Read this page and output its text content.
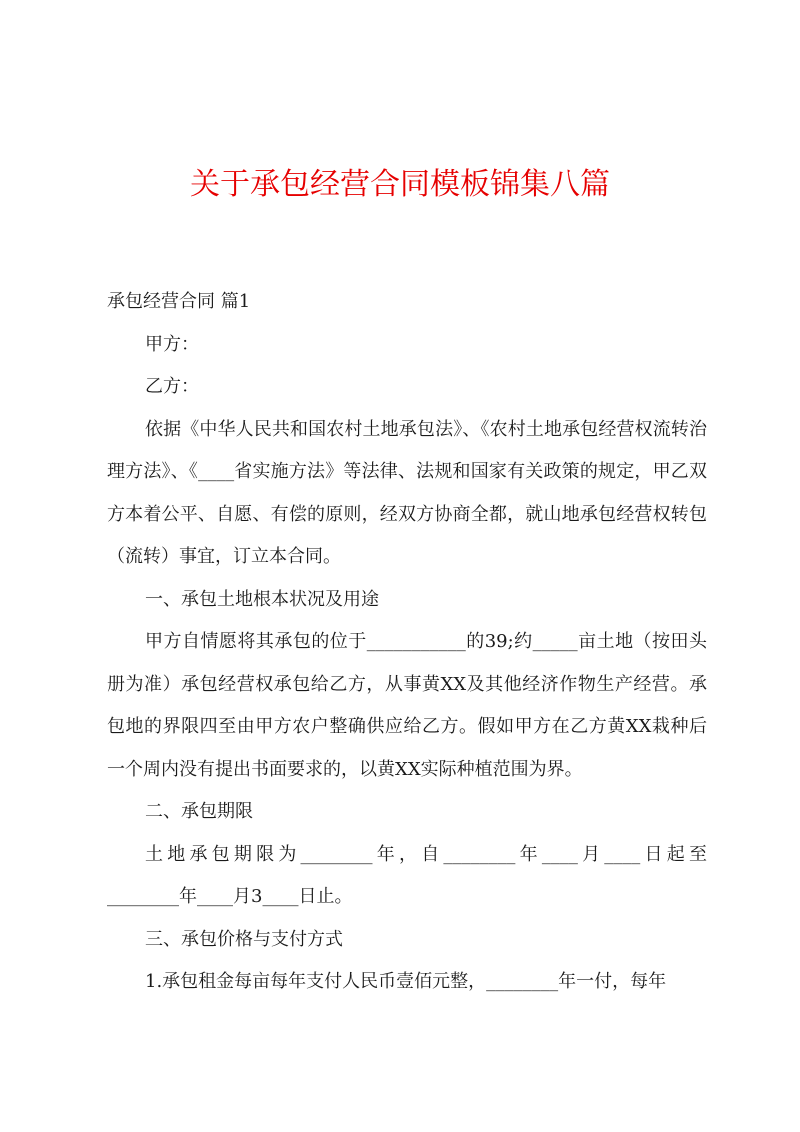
关于承包经营合同模板锦集八篇

承包经营合同 篇1

甲方：

乙方：

依据《中华人民共和国农村土地承包法》、《农村土地承包经营权流转治理方法》、《____省实施方法》等法律、法规和国家有关政策的规定，甲乙双方本着公平、自愿、有偿的原则，经双方协商全都，就山地承包经营权转包（流转）事宜，订立本合同。

一、承包土地根本状况及用途

甲方自情愿将其承包的位于___________的39;约_____亩土地（按田头册为准）承包经营权承包给乙方，从事黄XX及其他经济作物生产经营。承包地的界限四至由甲方农户整确供应给乙方。假如甲方在乙方黄XX栽种后一个周内没有提出书面要求的，以黄XX实际种植范围为界。

二、承包期限

土 地 承 包 期 限 为 ________ 年 ， 自 ________ 年 ____ 月 ____ 日 起 至

________年____月3____日止。

三、承包价格与支付方式

1.承包租金每亩每年支付人民币壹佰元整，________年一付，每年
